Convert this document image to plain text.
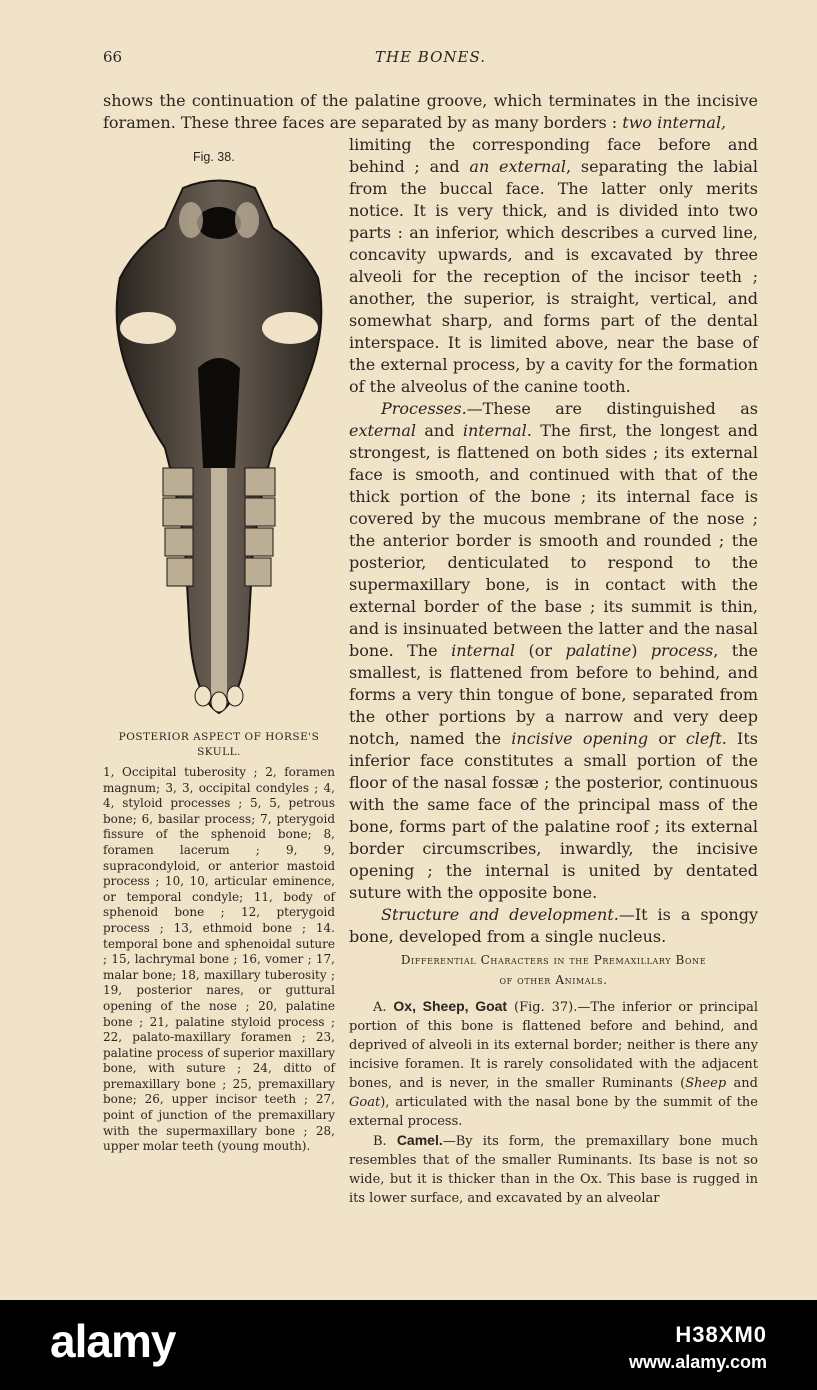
66	THE BONES.
shows the continuation of the palatine groove, which terminates in the incisive foramen. These three faces are separated by as many borders : two internal,
Fig. 38.
POSTERIOR ASPECT OF HORSE'S SKULL.
1, Occipital tuberosity ; 2, foramen magnum; 3, 3, occipital condyles ; 4, 4, styloid processes ; 5, 5, petrous bone; 6, basilar process; 7, pterygoid fissure of the sphenoid bone; 8, foramen lacerum ; 9, 9, supracondyloid, or anterior mastoid process ; 10, 10, articular eminence, or temporal condyle; 11, body of sphenoid bone ; 12, pterygoid process ; 13, ethmoid bone ; 14. temporal bone and sphenoidal suture ; 15, lachrymal bone ; 16, vomer ; 17, malar bone; 18, maxillary tuberosity ; 19, posterior nares, or guttural opening of the nose ; 20, palatine bone ; 21, palatine styloid process ; 22, palato-maxillary foramen ; 23, palatine process of superior maxillary bone, with suture ; 24, ditto of premaxillary bone ; 25, premaxillary bone; 26, upper incisor teeth ; 27, point of junction of the premaxillary with the supermaxillary bone ; 28, upper molar teeth (young mouth).

limiting the corresponding face before and behind ; and an external, separating the labial from the buccal face. The latter only merits notice. It is very thick, and is divided into two parts : an inferior, which describes a curved line, concavity upwards, and is excavated by three alveoli for the reception of the incisor teeth ; another, the superior, is straight, vertical, and somewhat sharp, and forms part of the dental interspace. It is limited above, near the base of the external process, by a cavity for the formation of the alveolus of the canine tooth.

Processes.—These are distinguished as external and internal. The first, the longest and strongest, is flattened on both sides ; its external face is smooth, and continued with that of the thick portion of the bone ; its internal face is covered by the mucous membrane of the nose ; the anterior border is smooth and rounded ; the posterior, denticulated to respond to the supermaxillary bone, is in contact with the external border of the base ; its summit is thin, and is insinuated between the latter and the nasal bone. The internal (or palatine) process, the smallest, is flattened from before to behind, and forms a very thin tongue of bone, separated from the other portions by a narrow and very deep notch, named the incisive opening or cleft. Its inferior face constitutes a small portion of the floor of the nasal fossæ ; the posterior, continuous with the same face of the principal mass of the bone, forms part of the palatine roof ; its external border circumscribes, inwardly, the incisive opening ; the internal is united by dentated suture with the opposite bone.

Structure and development.—It is a spongy bone, developed from a single nucleus.

Differential Characters in the Premaxillary Bone
of other Animals.

A. Ox, Sheep, Goat (Fig. 37).—The inferior or principal portion of this bone is flattened before and behind, and deprived of alveoli in its external border; neither is there any incisive foramen. It is rarely consolidated with the adjacent bones, and is never, in the smaller Ruminants (Sheep and Goat), articulated with the nasal bone by the summit of the external process.

B. Camel.—By its form, the premaxillary bone much resembles that of the smaller Ruminants. Its base is not so wide, but it is thicker than in the Ox. This base is rugged in its lower surface, and excavated by an alveolar

alamy	H38XM0
www.alamy.com
